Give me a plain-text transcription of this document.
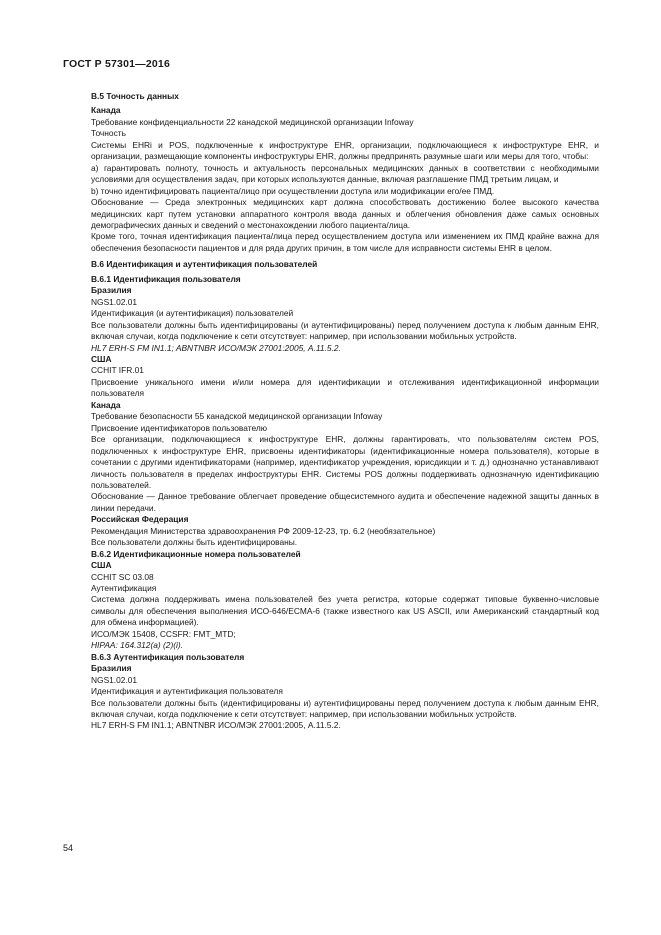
ГОСТ Р 57301—2016

В.5 Точность данных

Канада

Требование конфиденциальности 22 канадской медицинской организации Infoway

Точность

Системы EHRi и POS, подключенные к инфоструктуре EHR, организации, подключающиеся к инфоструктуре EHR, и организации, размещающие компоненты инфоструктуры EHR, должны предпринять разумные шаги или меры для того, чтобы:

а) гарантировать полноту, точность и актуальность персональных медицинских данных в соответствии с необходимыми условиями для осуществления задач, при которых используются данные, включая разглашение ПМД третьим лицам, и

b) точно идентифицировать пациента/лицо при осуществлении доступа или модификации его/ее ПМД.

Обоснование — Среда электронных медицинских карт должна способствовать достижению более высокого качества медицинских карт путем установки аппаратного контроля ввода данных и облегчения обновления даже самых основных демографических данных и сведений о местонахождении любого пациента/лица.

Кроме того, точная идентификация пациента/лица перед осуществлением доступа или изменением их ПМД крайне важна для обеспечения безопасности пациентов и для ряда других причин, в том числе для исправности системы EHR в целом.

В.6 Идентификация и аутентификация пользователей

В.6.1 Идентификация пользователя

Бразилия

NGS1.02.01

Идентификация (и аутентификация) пользователей

Все пользователи должны быть идентифицированы (и аутентифицированы) перед получением доступа к любым данным EHR, включая случаи, когда подключение к сети отсутствует: например, при использовании мобильных устройств.

HL7 ERH-S FM IN1.1; ABNTNBR ИСО/МЭК 27001:2005, A.11.5.2.

США

CCHIT IFR.01

Присвоение уникального имени и/или номера для идентификации и отслеживания идентификационной информации пользователя

Канада

Требование безопасности 55 канадской медицинской организации Infoway

Присвоение идентификаторов пользователю

Все организации, подключающиеся к инфоструктуре EHR, должны гарантировать, что пользователям систем POS, подключенных к инфоструктуре EHR, присвоены идентификаторы (идентификационные номера пользователя), которые в сочетании с другими идентификаторами (например, идентификатор учреждения, юрисдикции и т. д.) однозначно устанавливают личность пользователя в пределах инфоструктуры EHR. Системы POS должны поддерживать однозначную идентификацию пользователей.

Обоснование — Данное требование облегчает проведение общесистемного аудита и обеспечение надежной защиты данных в линии передачи.

Российская Федерация

Рекомендация Министерства здравоохранения РФ 2009-12-23, тр. 6.2 (необязательное)

Все пользователи должны быть идентифицированы.

В.6.2 Идентификационные номера пользователей

США

CCHIT SC 03.08

Аутентификация

Система должна поддерживать имена пользователей без учета регистра, которые содержат типовые буквенно-числовые символы для обеспечения выполнения ИСО-646/ECMA-6 (также известного как US ASCII, или Американский стандартный код для обмена информацией).

ИСО/МЭК 15408, CCSFR: FMT_MTD;

HIPAA: 164.312(a) (2)(i).

В.6.3 Аутентификация пользователя

Бразилия

NGS1.02.01

Идентификация и аутентификация пользователя

Все пользователи должны быть (идентифицированы и) аутентифицированы перед получением доступа к любым данным EHR, включая случаи, когда подключение к сети отсутствует: например, при использовании мобильных устройств.

HL7 ERH-S FM IN1.1; ABNTNBR ИСО/МЭК 27001:2005, A.11.5.2.

54
